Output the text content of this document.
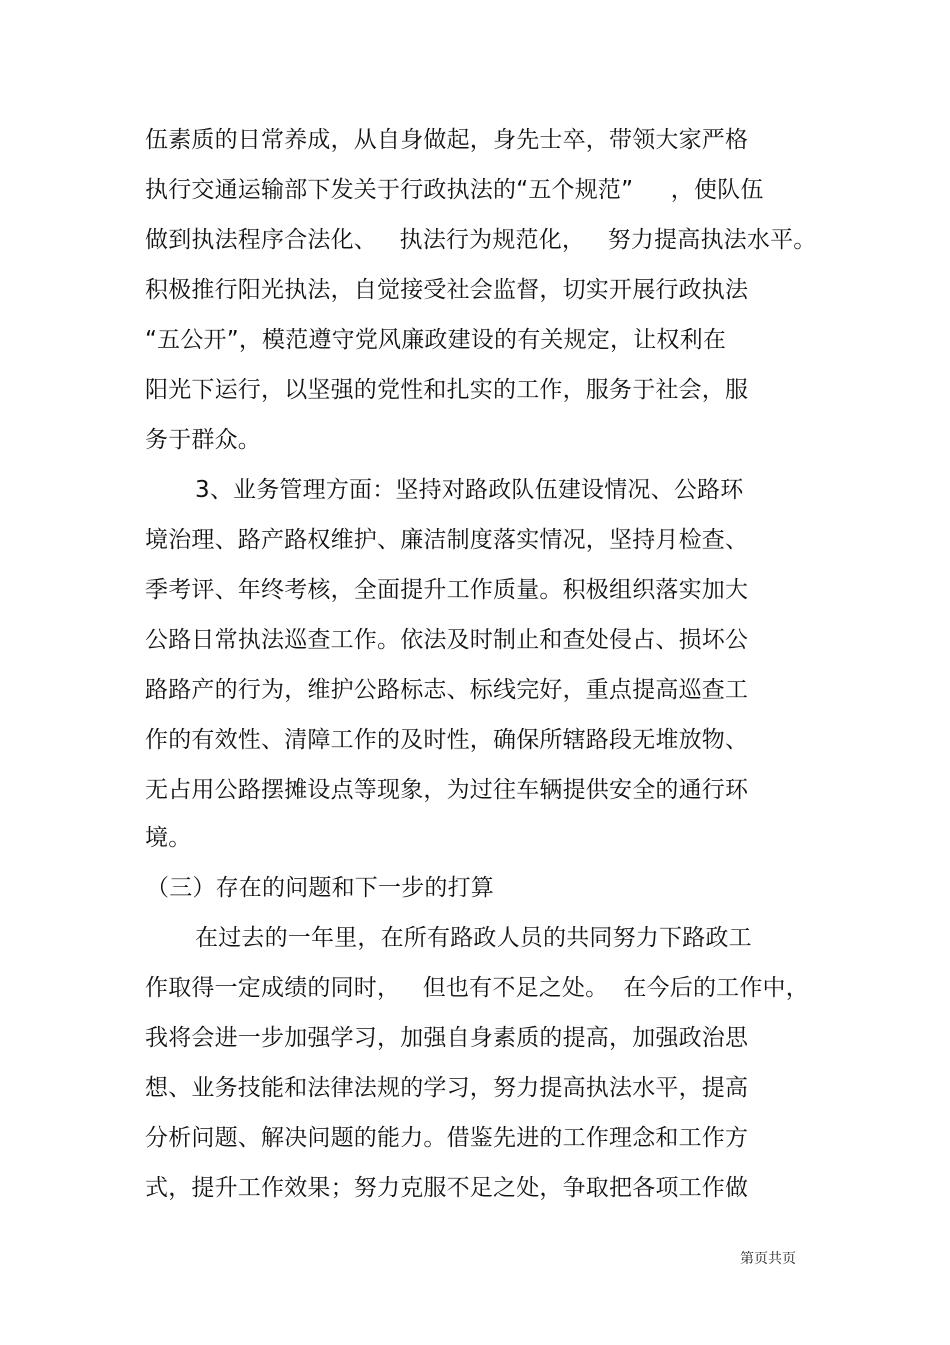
伍素质的日常养成，从自身做起，身先士卒，带领大家严格
执行交通运输部下发关于行政执法的“五个规范”     ，使队伍
做到执法程序合法化、   执法行为规范化，   努力提高执法水平。
积极推行阳光执法，自觉接受社会监督，切实开展行政执法
“五公开”，模范遵守党风廉政建设的有关规定，让权利在
阳光下运行，以坚强的党性和扎实的工作，服务于社会，服
务于群众。
3、业务管理方面：坚持对路政队伍建设情况、公路环
境治理、路产路权维护、廉洁制度落实情况，坚持月检查、
季考评、年终考核，全面提升工作质量。积极组织落实加大
公路日常执法巡查工作。依法及时制止和查处侵占、损坏公
路路产的行为，维护公路标志、标线完好，重点提高巡查工
作的有效性、清障工作的及时性，确保所辖路段无堆放物、
无占用公路摆摊设点等现象，为过往车辆提供安全的通行环
境。
（三）存在的问题和下一步的打算
在过去的一年里，在所有路政人员的共同努力下路政工
作取得一定成绩的同时，   但也有不足之处。  在今后的工作中，
我将会进一步加强学习，加强自身素质的提高，加强政治思
想、业务技能和法律法规的学习，努力提高执法水平，提高
分析问题、解决问题的能力。借鉴先进的工作理念和工作方
式，提升工作效果；努力克服不足之处，争取把各项工作做
第页共页
